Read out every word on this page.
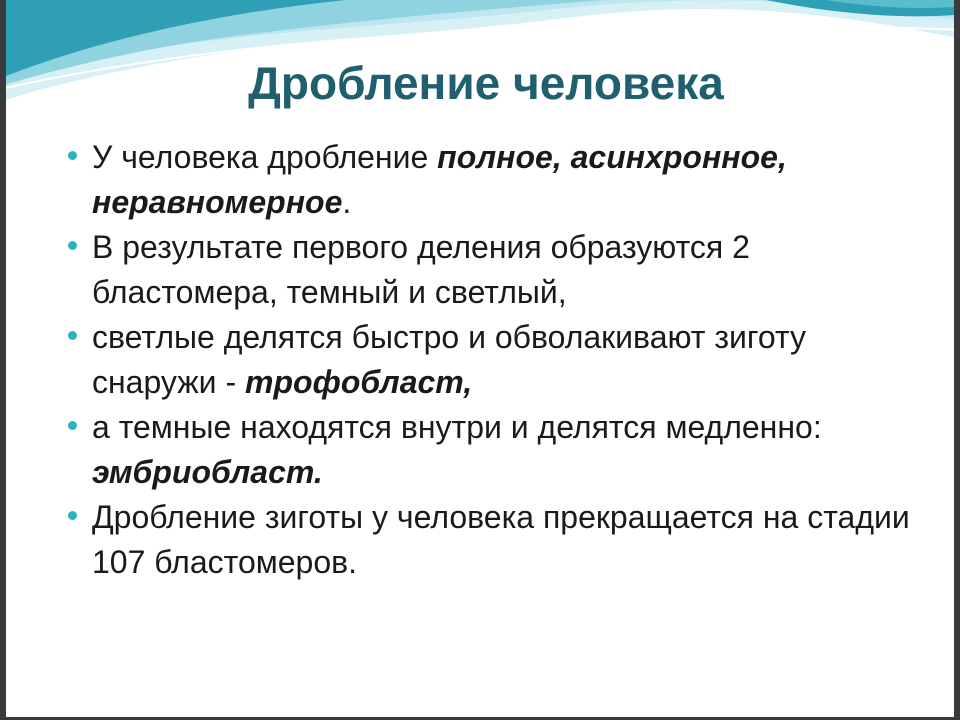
Дробление человека
У человека дробление полное, асинхронное, неравномерное.
В результате первого деления образуются 2 бластомера, темный и светлый,
светлые делятся быстро и обволакивают зиготу снаружи - трофобласт,
а темные находятся внутри и делятся медленно: эмбриобласт.
Дробление зиготы у человека прекращается на стадии 107 бластомеров.
